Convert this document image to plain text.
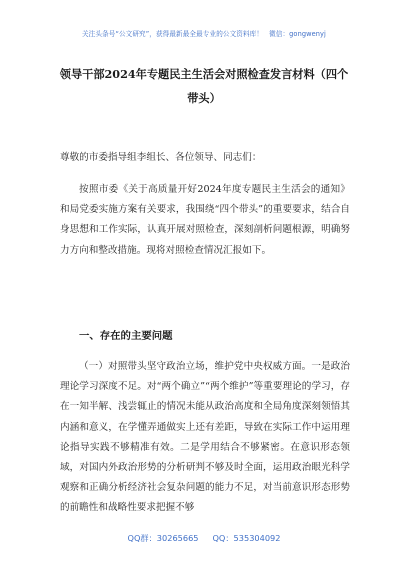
关注头条号“公文研究”，获得最新最全最专业的公文资料库！ 微信：gongwenyj
领导干部2024年专题民主生活会对照检查发言材料（四个带头）
尊敬的市委指导组李组长、各位领导、同志们：
按照市委《关于高质量开好2024年度专题民主生活会的通知》和局党委实施方案有关要求，我围绕“四个带头”的重要要求，结合自身思想和工作实际，认真开展对照检查，深刻剖析问题根源，明确努力方向和整改措施。现将对照检查情况汇报如下。
一、存在的主要问题
（一）对照带头坚守政治立场，维护党中央权威方面。一是政治理论学习深度不足。对“两个确立”“两个维护”等重要理论的学习，存在一知半解、浅尝辄止的情况未能从政治高度和全局角度深刻领悟其内涵和意义，在学懂弄通做实上还有差距，导致在实际工作中运用理论指导实践不够精准有效。二是学用结合不够紧密。在意识形态领域，对国内外政治形势的分析研判不够及时全面，运用政治眼光科学观察和正确分析经济社会复杂问题的能力不足，对当前意识形态形势的前瞻性和战略性要求把握不够
QQ群：30265665 QQ：535304092
